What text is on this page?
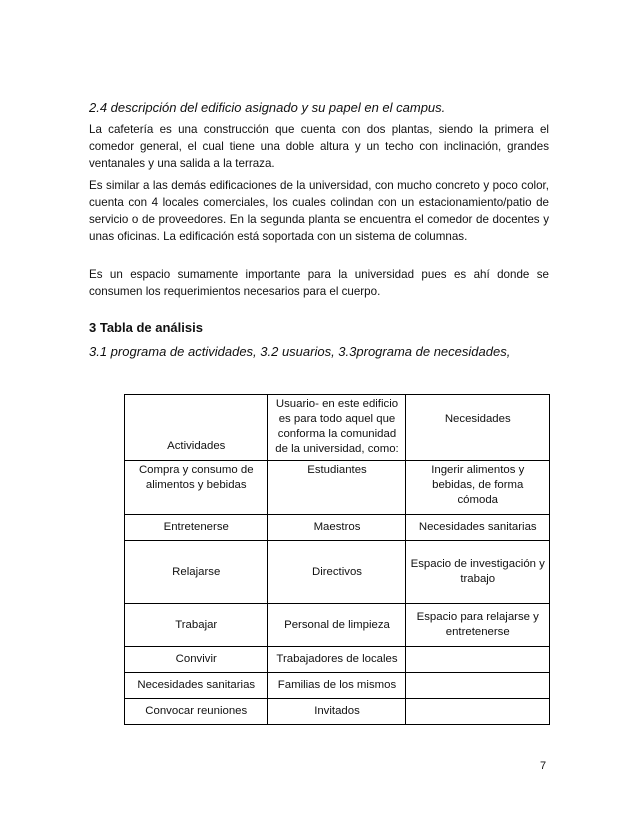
2.4 descripción del edificio asignado y su papel en el campus.
La cafetería es una construcción que cuenta con dos plantas, siendo la primera el comedor general, el cual tiene una doble altura y un techo con inclinación, grandes ventanales y una salida a la terraza.
Es similar a las demás edificaciones de la universidad, con mucho concreto y poco color, cuenta con 4 locales comerciales, los cuales colindan con un estacionamiento/patio de servicio o de proveedores. En la segunda planta se encuentra el comedor de docentes y unas oficinas. La edificación está soportada con un sistema de columnas.
Es un espacio sumamente importante para la universidad pues es ahí donde se consumen los requerimientos necesarios para el cuerpo.
3 Tabla de análisis
3.1 programa de actividades, 3.2 usuarios, 3.3programa de necesidades,
Actividades	Usuario- en este edificio es para todo aquel que conforma la comunidad de la universidad, como:	Necesidades
Compra y consumo de alimentos y bebidas	Estudiantes	Ingerir alimentos y bebidas, de forma cómoda
Entretenerse	Maestros	Necesidades sanitarias
Relajarse	Directivos	Espacio de investigación y trabajo
Trabajar	Personal de limpieza	Espacio para relajarse y entretenerse
Convivir	Trabajadores de locales	
Necesidades sanitarias	Familias de los mismos	
Convocar reuniones	Invitados	
7
